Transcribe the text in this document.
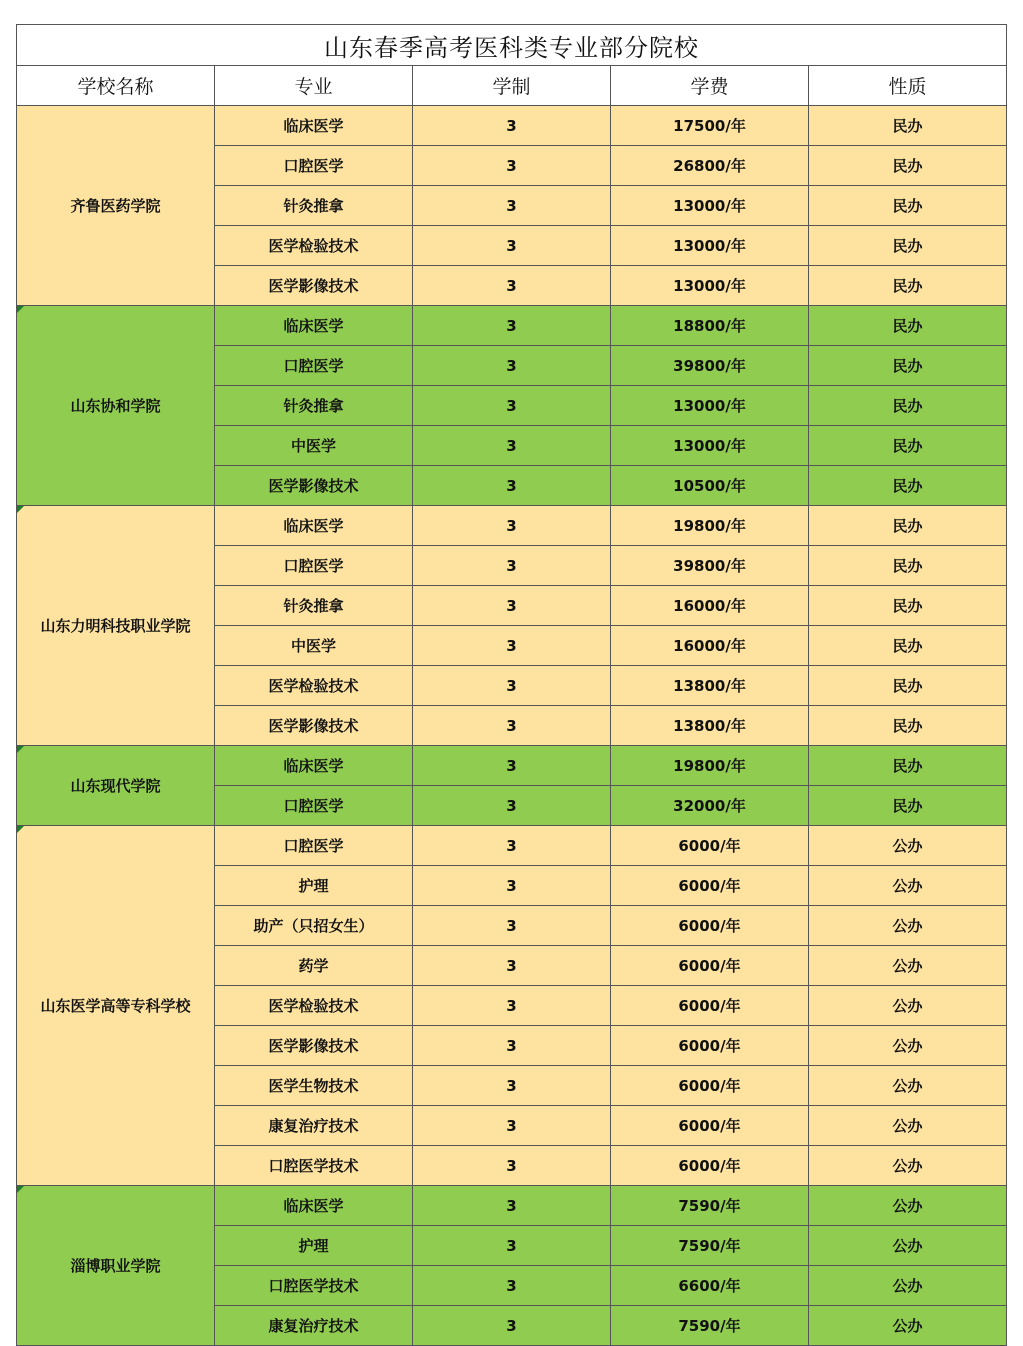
山东春季高考医科类专业部分院校				
学校名称	专业	学制	学费	性质
齐鲁医药学院	临床医学	3	17500/年	民办
	口腔医学	3	26800/年	民办
	针灸推拿	3	13000/年	民办
	医学检验技术	3	13000/年	民办
	医学影像技术	3	13000/年	民办
山东协和学院	临床医学	3	18800/年	民办
	口腔医学	3	39800/年	民办
	针灸推拿	3	13000/年	民办
	中医学	3	13000/年	民办
	医学影像技术	3	10500/年	民办
山东力明科技职业学院	临床医学	3	19800/年	民办
	口腔医学	3	39800/年	民办
	针灸推拿	3	16000/年	民办
	中医学	3	16000/年	民办
	医学检验技术	3	13800/年	民办
	医学影像技术	3	13800/年	民办
山东现代学院	临床医学	3	19800/年	民办
	口腔医学	3	32000/年	民办
山东医学高等专科学校	口腔医学	3	6000/年	公办
	护理	3	6000/年	公办
	助产（只招女生）	3	6000/年	公办
	药学	3	6000/年	公办
	医学检验技术	3	6000/年	公办
	医学影像技术	3	6000/年	公办
	医学生物技术	3	6000/年	公办
	康复治疗技术	3	6000/年	公办
	口腔医学技术	3	6000/年	公办
淄博职业学院	临床医学	3	7590/年	公办
	护理	3	7590/年	公办
	口腔医学技术	3	6600/年	公办
	康复治疗技术	3	7590/年	公办
